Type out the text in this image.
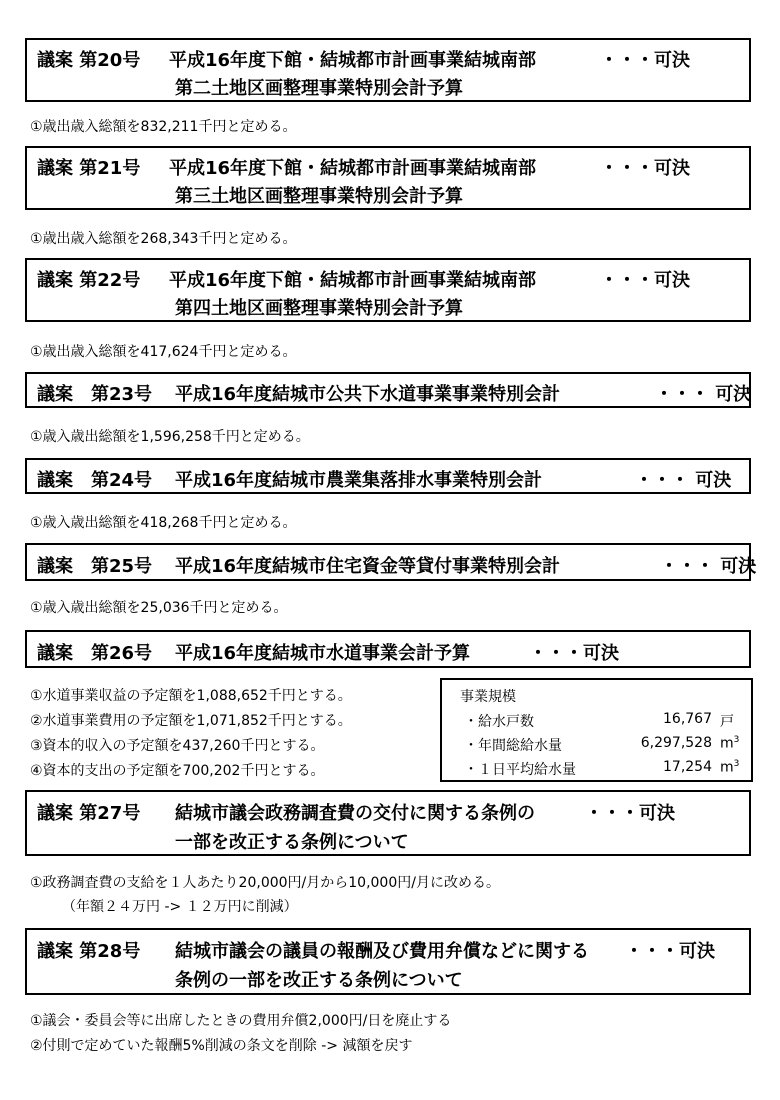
議案 第20号 平成16年度下館・結城都市計画事業結城南部	・・・可決
第二土地区画整理事業特別会計予算
①歳出歳入総額を832,211千円と定める。
議案 第21号 平成16年度下館・結城都市計画事業結城南部	・・・可決
第三土地区画整理事業特別会計予算
①歳出歳入総額を268,343千円と定める。
議案 第22号 平成16年度下館・結城都市計画事業結城南部	・・・可決
第四土地区画整理事業特別会計予算
①歳出歳入総額を417,624千円と定める。
議案　第23号 平成16年度結城市公共下水道事業事業特別会計	・・・ 可決
①歳入歳出総額を1,596,258千円と定める。
議案　第24号 平成16年度結城市農業集落排水事業特別会計	・・・ 可決
①歳入歳出総額を418,268千円と定める。
議案　第25号 平成16年度結城市住宅資金等貸付事業特別会計	・・・ 可決
①歳入歳出総額を25,036千円と定める。
議案　第26号 平成16年度結城市水道事業会計予算	・・・可決
①水道事業収益の予定額を1,088,652千円とする。
②水道事業費用の予定額を1,071,852千円とする。
③資本的収入の予定額を437,260千円とする。
④資本的支出の予定額を700,202千円とする。
事業規模
・給水戸数	16,767 戸
・年間総給水量	6,297,528 $m^3$
・１日平均給水量	17,254 $m^3$
議案 第27号 結城市議会政務調査費の交付に関する条例の	・・・可決
一部を改正する条例について
①政務調査費の支給を１人あたり20,000円/月から10,000円/月に改める。
（年額２４万円 -> １２万円に削減）
議案 第28号 結城市議会の議員の報酬及び費用弁償などに関する ・・・可決
条例の一部を改正する条例について
①議会・委員会等に出席したときの費用弁償2,000円/日を廃止する
②付則で定めていた報酬5%削減の条文を削除 -> 減額を戻す
